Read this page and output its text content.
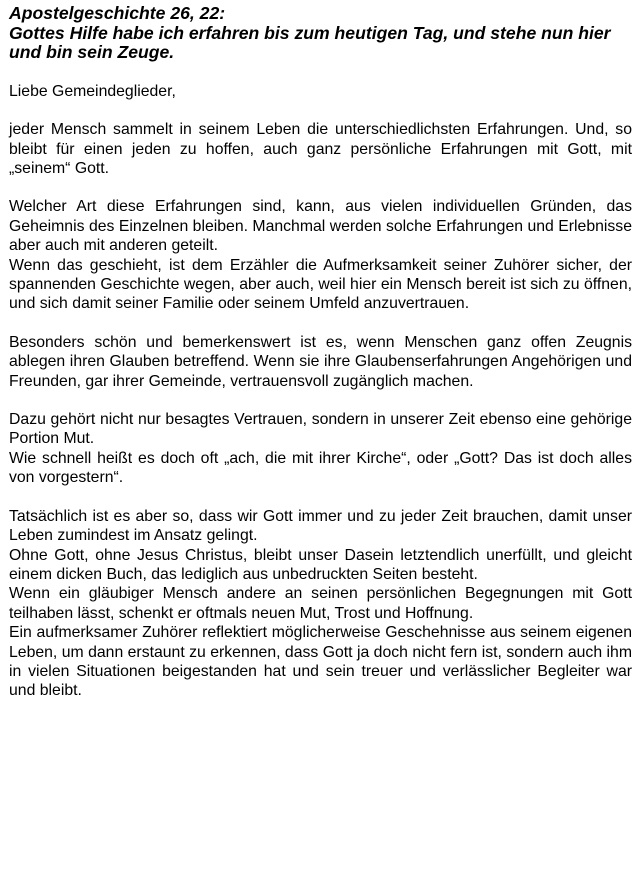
Apostelgeschichte 26, 22:
Gottes Hilfe habe ich erfahren bis zum heutigen Tag, und stehe nun hier und bin sein Zeuge.

Liebe Gemeindeglieder,

jeder Mensch sammelt in seinem Leben die unterschiedlichsten Erfahrungen. Und, so bleibt für einen jeden zu hoffen, auch ganz persönliche Erfahrungen mit Gott, mit „seinem“ Gott.

Welcher Art diese Erfahrungen sind, kann, aus vielen individuellen Gründen, das Geheimnis des Einzelnen bleiben. Manchmal werden solche Erfahrungen und Erlebnisse aber auch mit anderen geteilt.

Wenn das geschieht, ist dem Erzähler die Aufmerksamkeit seiner Zuhörer sicher, der spannenden Geschichte wegen, aber auch, weil hier ein Mensch bereit ist sich zu öffnen, und sich damit seiner Familie oder seinem Umfeld anzuvertrauen.

Besonders schön und bemerkenswert ist es, wenn Menschen ganz offen Zeugnis ablegen ihren Glauben betreffend. Wenn sie ihre Glaubenserfahrungen Angehörigen und Freunden, gar ihrer Gemeinde, vertrauensvoll zugänglich machen.

Dazu gehört nicht nur besagtes Vertrauen, sondern in unserer Zeit ebenso eine gehörige Portion Mut.

Wie schnell heißt es doch oft „ach, die mit ihrer Kirche“, oder „Gott? Das ist doch alles von vorgestern“.

Tatsächlich ist es aber so, dass wir Gott immer und zu jeder Zeit brauchen, damit unser Leben zumindest im Ansatz gelingt.

Ohne Gott, ohne Jesus Christus, bleibt unser Dasein letztendlich unerfüllt, und gleicht einem dicken Buch, das lediglich aus unbedruckten Seiten besteht.

Wenn ein gläubiger Mensch andere an seinen persönlichen Begegnungen mit Gott teilhaben lässt, schenkt er oftmals neuen Mut, Trost und Hoffnung.

Ein aufmerksamer Zuhörer reflektiert möglicherweise Geschehnisse aus seinem eigenen Leben, um dann erstaunt zu erkennen, dass Gott ja doch nicht fern ist, sondern auch ihm in vielen Situationen beigestanden hat und sein treuer und verlässlicher Begleiter war und bleibt.
